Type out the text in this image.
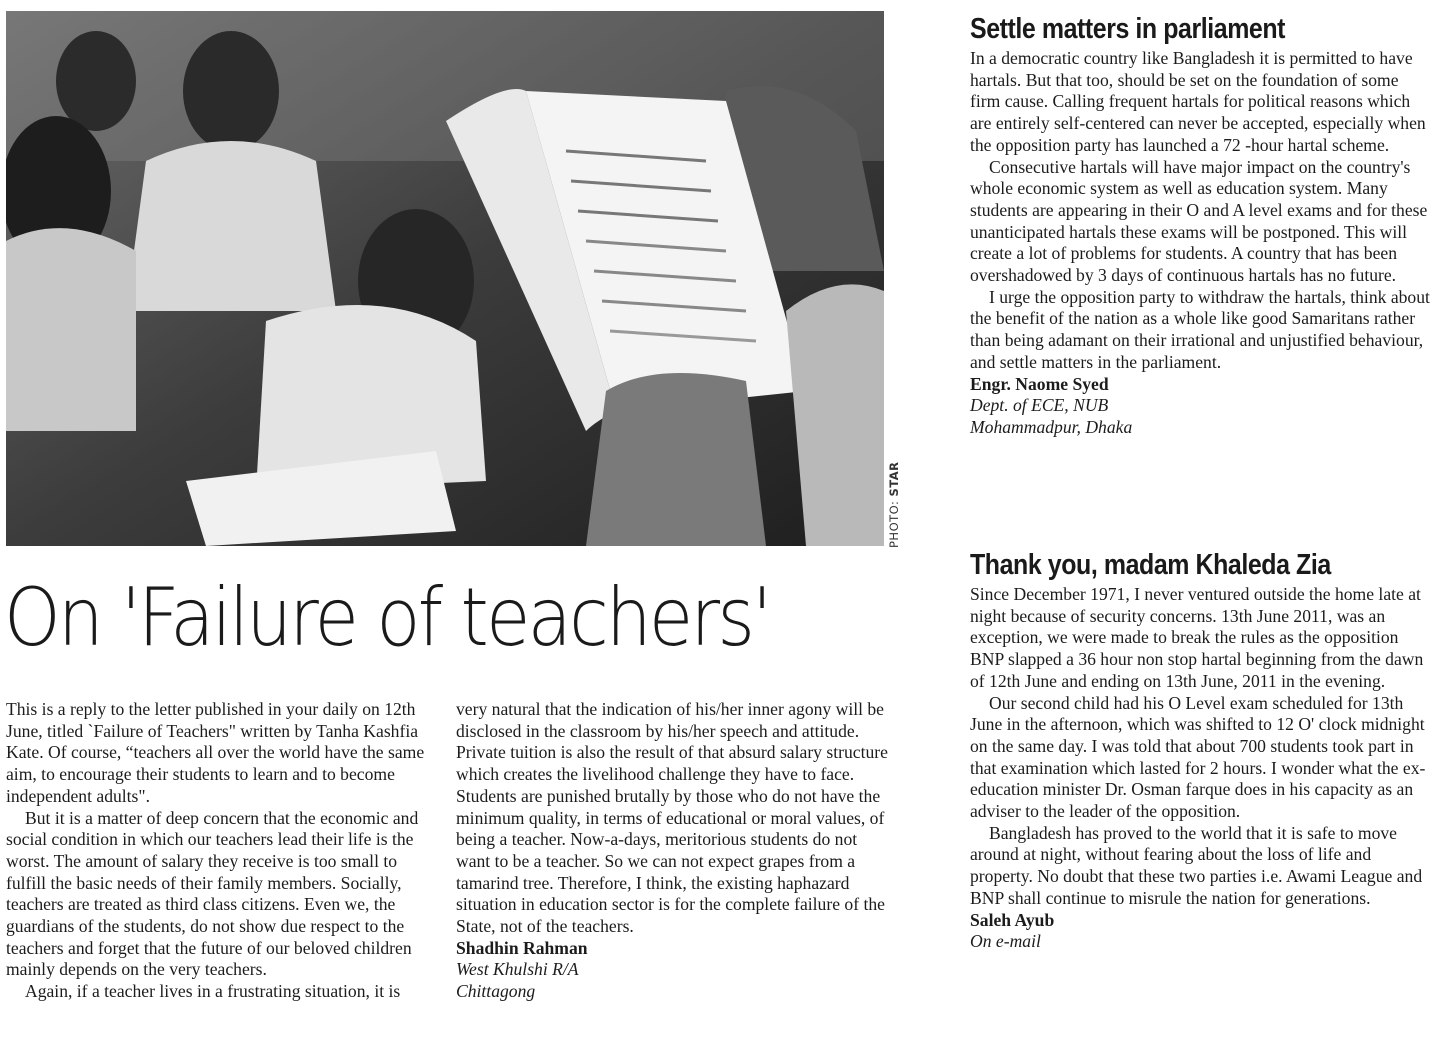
PHOTO: STAR
On 'Failure of teachers'

This is a reply to the letter published in your daily on 12th June, titled `Failure of Teachers" written by Tanha Kashfia Kate. Of course, “teachers all over the world have the same aim, to encourage their students to learn and to become independent adults".

But it is a matter of deep concern that the economic and social condition in which our teachers lead their life is the worst. The amount of salary they receive is too small to fulfill the basic needs of their family members. Socially, teachers are treated as third class citizens. Even we, the guardians of the students, do not show due respect to the teachers and forget that the future of our beloved children mainly depends on the very teachers.

Again, if a teacher lives in a frustrating situation, it is

very natural that the indication of his/her inner agony will be disclosed in the classroom by his/her speech and attitude. Private tuition is also the result of that absurd salary structure which creates the livelihood challenge they have to face. Students are punished brutally by those who do not have the minimum quality, in terms of educational or moral values, of being a teacher. Now-a-days, meritorious students do not want to be a teacher. So we can not expect grapes from a tamarind tree. Therefore, I think, the existing haphazard situation in education sector is for the complete failure of the State, not of the teachers.

Shadhin Rahman

West Khulshi R/A

Chittagong

Settle matters in parliament

In a democratic country like Bangladesh it is permitted to have hartals. But that too, should be set on the foundation of some firm cause. Calling frequent hartals for political reasons which are entirely self-centered can never be accepted, especially when the opposition party has launched a 72 -hour hartal scheme.

Consecutive hartals will have major impact on the country's whole economic system as well as education system. Many students are appearing in their O and A level exams and for these unanticipated hartals these exams will be postponed. This will create a lot of problems for students. A country that has been overshadowed by 3 days of continuous hartals has no future.

I urge the opposition party to withdraw the hartals, think about the benefit of the nation as a whole like good Samaritans rather than being adamant on their irrational and unjustified behaviour, and settle matters in the parliament.

Engr. Naome Syed

Dept. of ECE, NUB

Mohammadpur, Dhaka

Thank you, madam Khaleda Zia

Since December 1971, I never ventured outside the home late at night because of security concerns. 13th June 2011, was an exception, we were made to break the rules as the opposition BNP slapped a 36 hour non stop hartal beginning from the dawn of 12th June and ending on 13th June, 2011 in the evening.

Our second child had his O Level exam scheduled for 13th June in the afternoon, which was shifted to 12 O' clock midnight on the same day. I was told that about 700 students took part in that examination which lasted for 2 hours. I wonder what the ex-education minister Dr. Osman farque does in his capacity as an adviser to the leader of the opposition.

Bangladesh has proved to the world that it is safe to move around at night, without fearing about the loss of life and property. No doubt that these two parties i.e. Awami League and BNP shall continue to misrule the nation for generations.

Saleh Ayub

On e-mail
